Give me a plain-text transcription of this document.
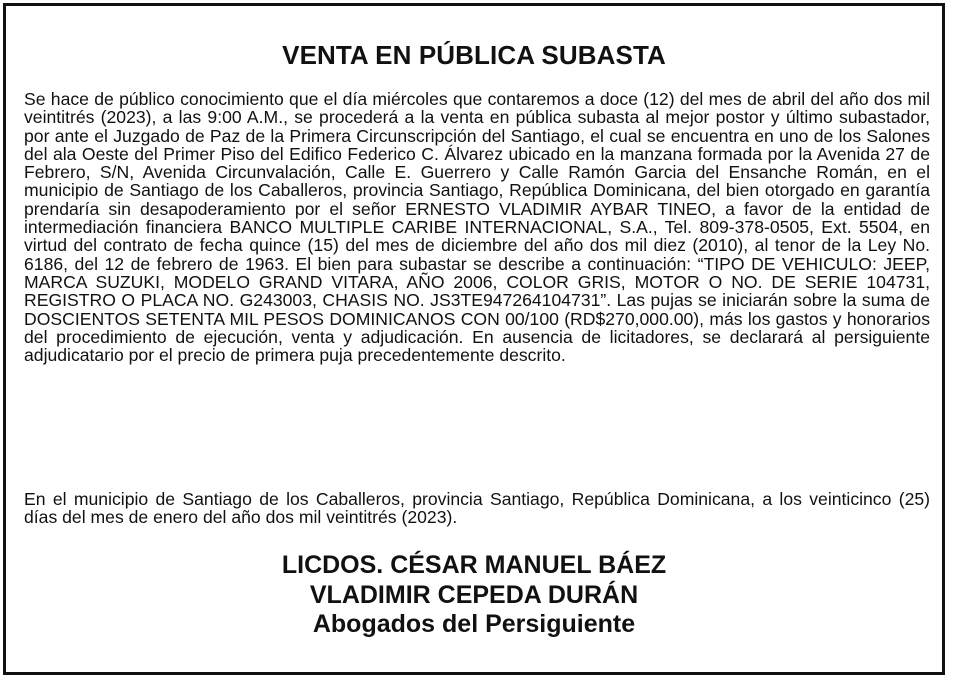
VENTA EN PÚBLICA SUBASTA

Se hace de público conocimiento que el día miércoles que contaremos a doce (12) del mes de abril del año dos mil veintitrés (2023), a las 9:00 A.M., se procederá a la venta en pública subasta al mejor postor y último subastador, por ante el Juzgado de Paz de la Primera Circunscripción del Santiago, el cual se encuentra en uno de los Salones del ala Oeste del Primer Piso del Edifico Federico C. Álvarez ubicado en la manzana formada por la Avenida 27 de Febrero, S/N, Avenida Circunvalación, Calle E. Guerrero y Calle Ramón Garcia del Ensanche Román, en el municipio de Santiago de los Caballeros, provincia Santiago, República Dominicana, del bien otorgado en garantía prendaría sin desapoderamiento por el señor ERNESTO VLADIMIR AYBAR TINEO, a favor de la entidad de intermediación financiera BANCO MULTIPLE CARIBE INTERNACIONAL, S.A., Tel. 809-378-0505, Ext. 5504, en virtud del contrato de fecha quince (15) del mes de diciembre del año dos mil diez (2010), al tenor de la Ley No. 6186, del 12 de febrero de 1963. El bien para subastar se describe a continuación: “TIPO DE VEHICULO: JEEP, MARCA SUZUKI, MODELO GRAND VITARA, AÑO 2006, COLOR GRIS, MOTOR O NO. DE SERIE 104731, REGISTRO O PLACA NO. G243003, CHASIS NO. JS3TE947264104731”. Las pujas se iniciarán sobre la suma de DOSCIENTOS SETENTA MIL PESOS DOMINICANOS CON 00/100 (RD$270,000.00), más los gastos y honorarios del procedimiento de ejecución, venta y adjudicación. En ausencia de licitadores, se declarará al persiguiente adjudicatario por el precio de primera puja precedentemente descrito.

En el municipio de Santiago de los Caballeros, provincia Santiago, República Dominicana, a los veinticinco (25) días del mes de enero del año dos mil veintitrés (2023).

LICDOS. CÉSAR MANUEL BÁEZ
VLADIMIR CEPEDA DURÁN
Abogados del Persiguiente
